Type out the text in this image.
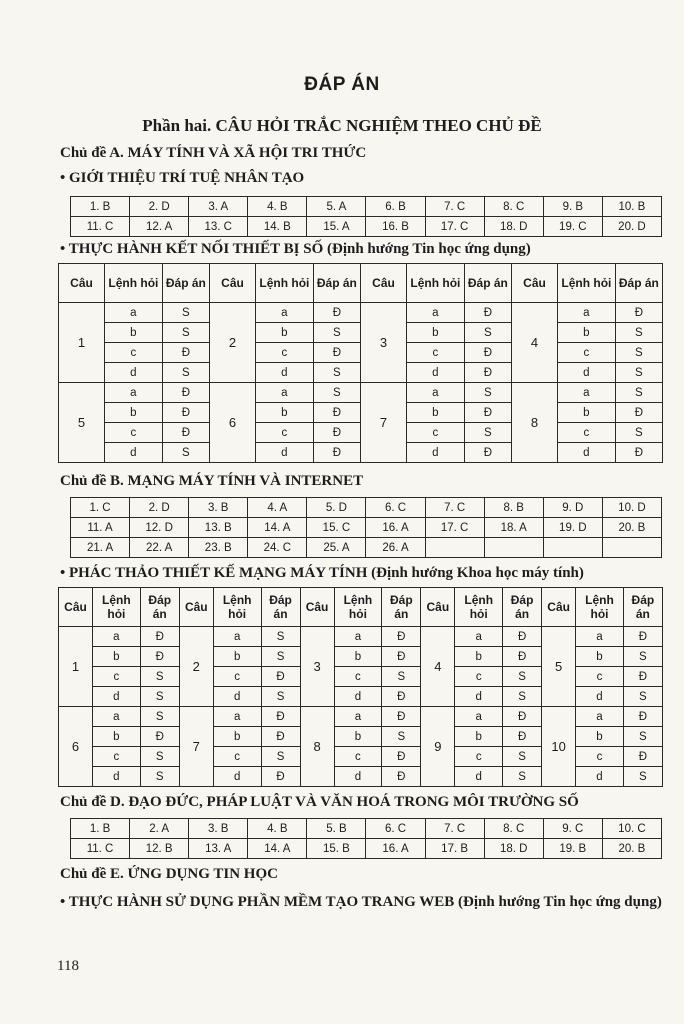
ĐÁP ÁN
Phần hai. CÂU HỎI TRẮC NGHIỆM THEO CHỦ ĐỀ
Chủ đề A. MÁY TÍNH VÀ XÃ HỘI TRI THỨC
• GIỚI THIỆU TRÍ TUỆ NHÂN TẠO
1. B	2. D	3. A	4. B	5. A	6. B	7. C	8. C	9. B	10. B
11. C	12. A	13. C	14. B	15. A	16. B	17. C	18. D	19. C	20. D
• THỰC HÀNH KẾT NỐI THIẾT BỊ SỐ (Định hướng Tin học ứng dụng)
Câu	Lệnh hỏi	Đáp án	Câu	Lệnh hỏi	Đáp án	Câu	Lệnh hỏi	Đáp án	Câu	Lệnh hỏi	Đáp án
1	a	S	2	a	Đ	3	a	Đ	4	a	Đ
	b	S		b	S		b	S		b	S
	c	Đ		c	Đ		c	Đ		c	S
	d	S		d	S		d	Đ		d	S
5	a	Đ	6	a	S	7	a	S	8	a	S
	b	Đ		b	Đ		b	Đ		b	Đ
	c	Đ		c	Đ		c	S		c	S
	d	S		d	Đ		d	Đ		d	Đ
Chủ đề B. MẠNG MÁY TÍNH VÀ INTERNET
1. C	2. D	3. B	4. A	5. D	6. C	7. C	8. B	9. D	10. D
11. A	12. D	13. B	14. A	15. C	16. A	17. C	18. A	19. D	20. B
21. A	22. A	23. B	24. C	25. A	26. A				
• PHÁC THẢO THIẾT KẾ MẠNG MÁY TÍNH (Định hướng Khoa học máy tính)
Câu	Lệnh hỏi	Đáp án	Câu	Lệnh hỏi	Đáp án	Câu	Lệnh hỏi	Đáp án	Câu	Lệnh hỏi	Đáp án	Câu	Lệnh hỏi	Đáp án
1	a	Đ	2	a	S	3	a	Đ	4	a	Đ	5	a	Đ
	b	Đ		b	S		b	Đ		b	Đ		b	S
	c	S		c	Đ		c	S		c	S		c	Đ
	d	S		d	S		d	Đ		d	S		d	S
6	a	S	7	a	Đ	8	a	Đ	9	a	Đ	10	a	Đ
	b	Đ		b	Đ		b	S		b	Đ		b	S
	c	S		c	S		c	Đ		c	S		c	Đ
	d	S		d	Đ		d	Đ		d	S		d	S
Chủ đề D. ĐẠO ĐỨC, PHÁP LUẬT VÀ VĂN HOÁ TRONG MÔI TRƯỜNG SỐ
1. B	2. A	3. B	4. B	5. B	6. C	7. C	8. C	9. C	10. C
11. C	12. B	13. A	14. A	15. B	16. A	17. B	18. D	19. B	20. B
Chủ đề E. ỨNG DỤNG TIN HỌC
• THỰC HÀNH SỬ DỤNG PHẦN MỀM TẠO TRANG WEB (Định hướng Tin học ứng dụng)
118
